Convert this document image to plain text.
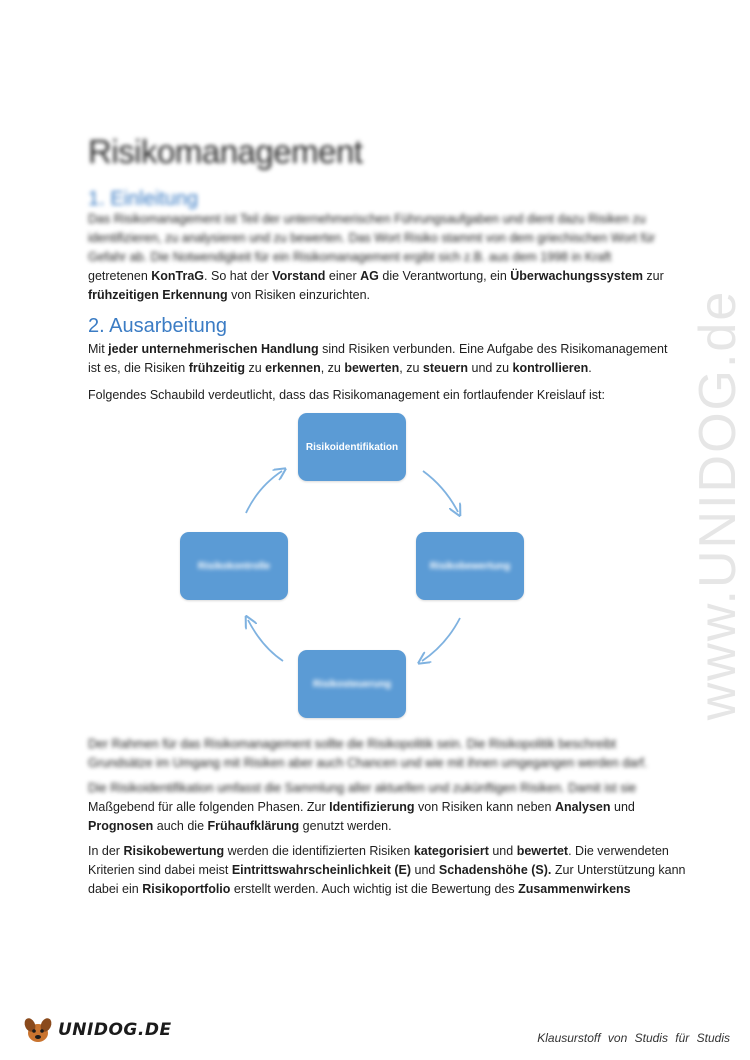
www.UNIDOG.de
Risikomanagement
1. Einleitung

Das Risikomanagement ist Teil der unternehmerischen Führungsaufgaben und dient dazu Risiken zu

identifizieren, zu analysieren und zu bewerten. Das Wort Risiko stammt von dem griechischen Wort für

Gefahr ab. Die Notwendigkeit für ein Risikomanagement ergibt sich z.B. aus dem 1998 in Kraft

getretenen KonTraG. So hat der Vorstand einer AG die Verantwortung, ein Überwachungssystem zur

frühzeitigen Erkennung von Risiken einzurichten.

2. Ausarbeitung

Mit jeder unternehmerischen Handlung sind Risiken verbunden. Eine Aufgabe des Risikomanagement

ist es, die Risiken frühzeitig zu erkennen, zu bewerten, zu steuern und zu kontrollieren.

Folgendes Schaubild verdeutlicht, dass das Risikomanagement ein fortlaufender Kreislauf ist:

Risikoidentifikation
Risikobewertung
Risikosteuerung
Risikokontrolle

Der Rahmen für das Risikomanagement sollte die Risikopolitik sein. Die Risikopolitik beschreibt

Grundsätze im Umgang mit Risiken aber auch Chancen und wie mit ihnen umgegangen werden darf.

Die Risikoidentifikation umfasst die Sammlung aller aktuellen und zukünftigen Risiken. Damit ist sie

Maßgebend für alle folgenden Phasen. Zur Identifizierung von Risiken kann neben Analysen und

Prognosen auch die Frühaufklärung genutzt werden.

In der Risikobewertung werden die identifizierten Risiken kategorisiert und bewertet. Die verwendeten

Kriterien sind dabei meist Eintrittswahrscheinlichkeit (E) und Schadenshöhe (S). Zur Unterstützung kann

dabei ein Risikoportfolio erstellt werden. Auch wichtig ist die Bewertung des Zusammenwirkens

UNIDOG.DE	Klausurstoff von Studis für Studis
